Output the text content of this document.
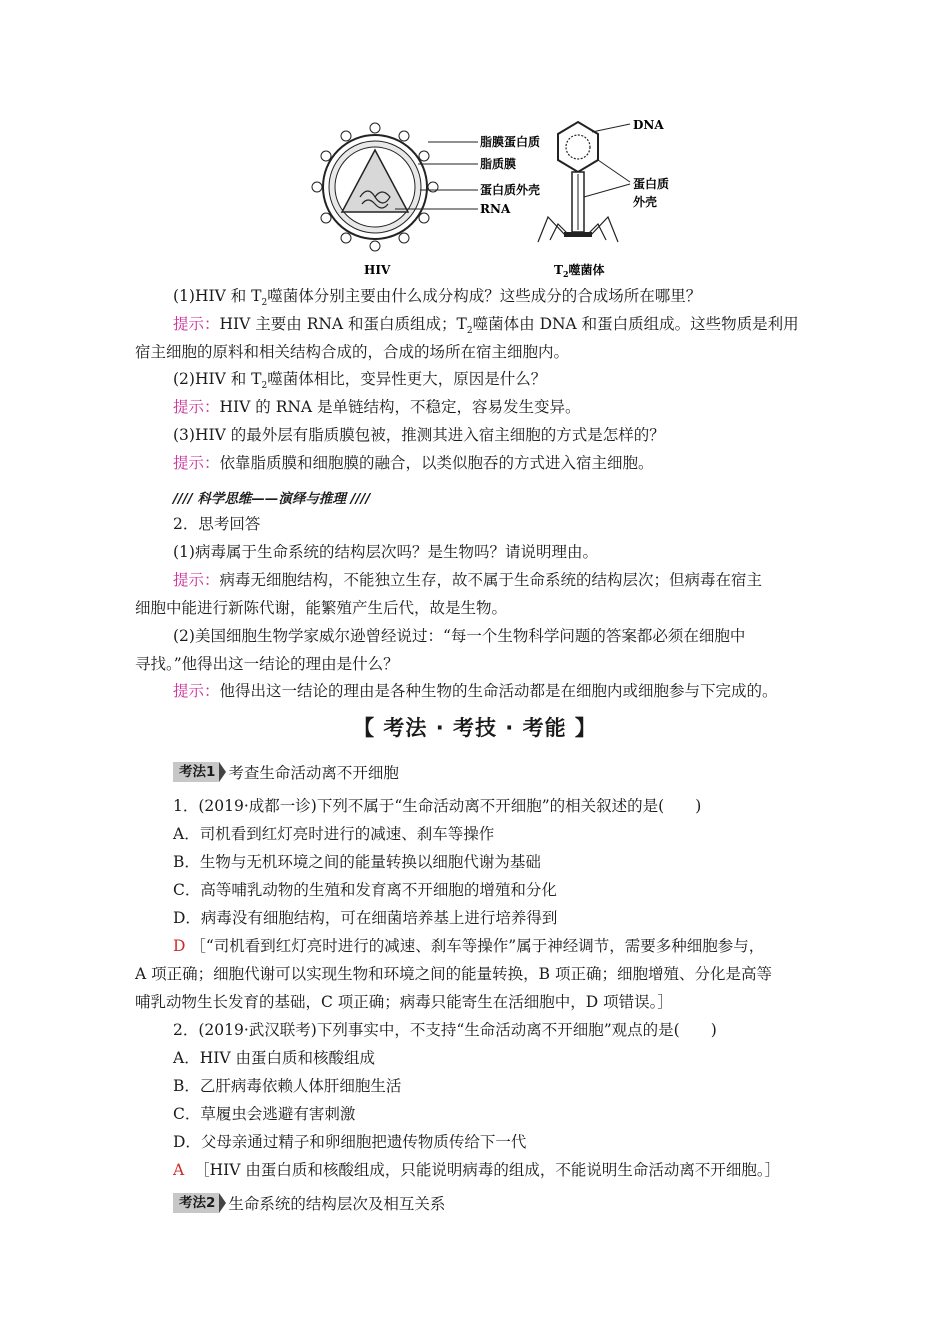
脂膜蛋白质
脂质膜
蛋白质外壳
RNA
HIV
DNA
蛋白质
外壳
$T_2$噬菌体
(1)HIV 和 $T_2$噬菌体分别主要由什么成分构成？这些成分的合成场所在哪里？
提示：HIV 主要由 RNA 和蛋白质组成；$T_2$噬菌体由 DNA 和蛋白质组成。这些物质是利用
宿主细胞的原料和相关结构合成的，合成的场所在宿主细胞内。
(2)HIV 和 $T_2$噬菌体相比，变异性更大，原因是什么？
提示：HIV 的 RNA 是单链结构，不稳定，容易发生变异。
(3)HIV 的最外层有脂质膜包被，推测其进入宿主细胞的方式是怎样的？
提示：依靠脂质膜和细胞膜的融合，以类似胞吞的方式进入宿主细胞。
//// 科学思维——演绎与推理 ////
2．思考回答
(1)病毒属于生命系统的结构层次吗？是生物吗？请说明理由。
提示：病毒无细胞结构，不能独立生存，故不属于生命系统的结构层次；但病毒在宿主
细胞中能进行新陈代谢，能繁殖产生后代，故是生物。
(2)美国细胞生物学家威尔逊曾经说过：“每一个生物科学问题的答案都必须在细胞中
寻找。”他得出这一结论的理由是什么？
提示：他得出这一结论的理由是各种生物的生命活动都是在细胞内或细胞参与下完成的。
【 考法 · 考技 · 考能 】
考法1 考查生命活动离不开细胞
1．(2019·成都一诊)下列不属于“生命活动离不开细胞”的相关叙述的是(　　)
A．司机看到红灯亮时进行的减速、刹车等操作
B．生物与无机环境之间的能量转换以细胞代谢为基础
C．高等哺乳动物的生殖和发育离不开细胞的增殖和分化
D．病毒没有细胞结构，可在细菌培养基上进行培养得到
D ［“司机看到红灯亮时进行的减速、刹车等操作”属于神经调节，需要多种细胞参与，
A 项正确；细胞代谢可以实现生物和环境之间的能量转换，B 项正确；细胞增殖、分化是高等
哺乳动物生长发育的基础，C 项正确；病毒只能寄生在活细胞中，D 项错误。］
2．(2019·武汉联考)下列事实中，不支持“生命活动离不开细胞”观点的是(　　)
A．HIV 由蛋白质和核酸组成
B．乙肝病毒依赖人体肝细胞生活
C．草履虫会逃避有害刺激
D．父母亲通过精子和卵细胞把遗传物质传给下一代
A ［HIV 由蛋白质和核酸组成，只能说明病毒的组成，不能说明生命活动离不开细胞。］
考法2 生命系统的结构层次及相互关系
